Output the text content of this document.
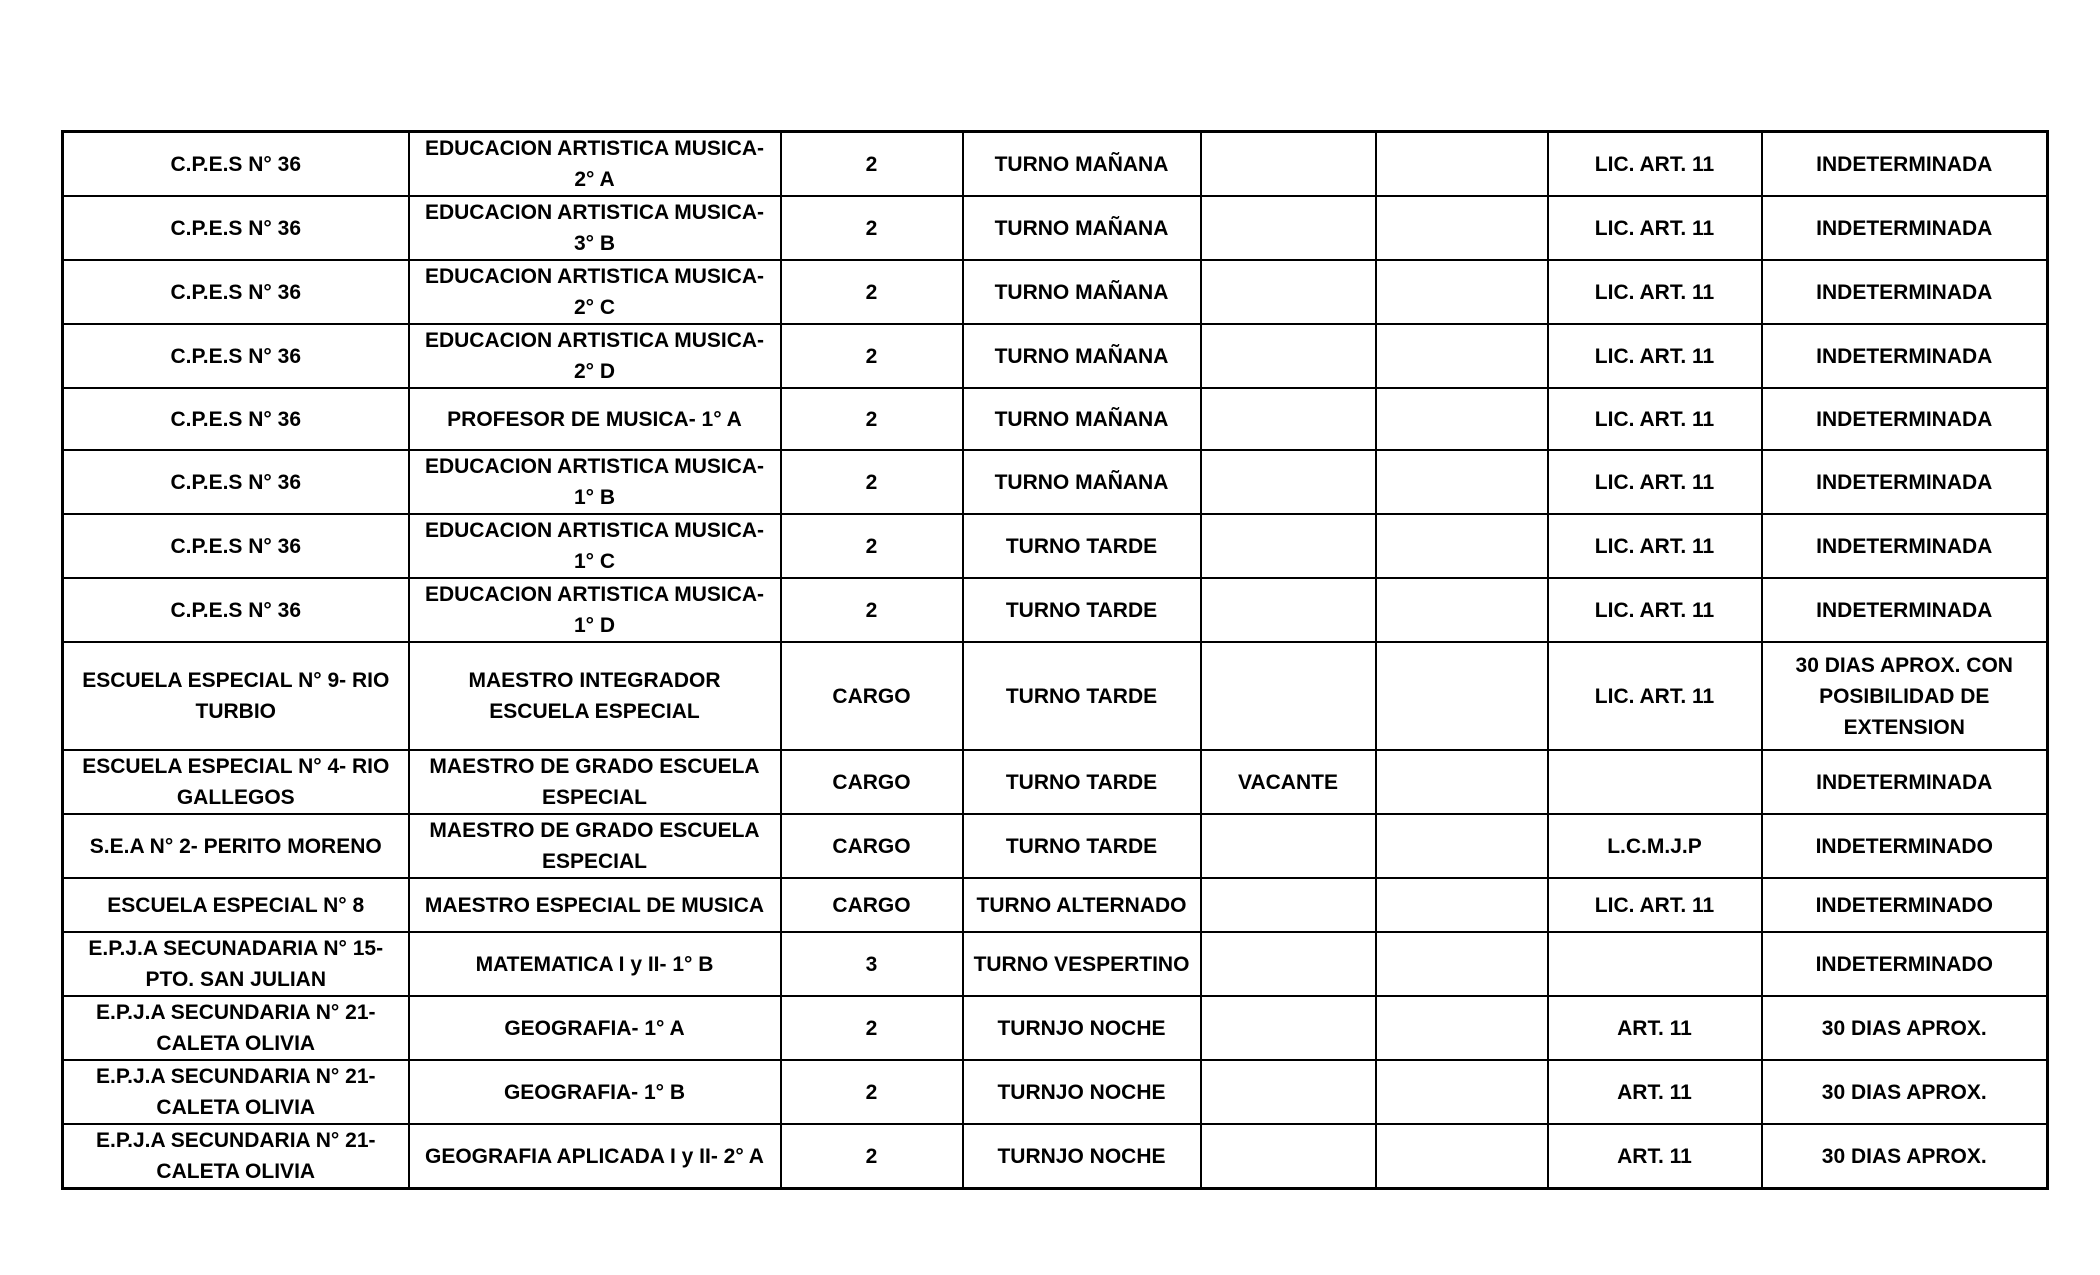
C.P.E.S N° 36	EDUCACION ARTISTICA MUSICA- 2° A	2	TURNO MAÑANA			LIC. ART. 11	INDETERMINADA
C.P.E.S N° 36	EDUCACION ARTISTICA MUSICA- 3° B	2	TURNO MAÑANA			LIC. ART. 11	INDETERMINADA
C.P.E.S N° 36	EDUCACION ARTISTICA MUSICA- 2° C	2	TURNO MAÑANA			LIC. ART. 11	INDETERMINADA
C.P.E.S N° 36	EDUCACION ARTISTICA MUSICA- 2° D	2	TURNO MAÑANA			LIC. ART. 11	INDETERMINADA
C.P.E.S N° 36	PROFESOR DE MUSICA- 1° A	2	TURNO MAÑANA			LIC. ART. 11	INDETERMINADA
C.P.E.S N° 36	EDUCACION ARTISTICA MUSICA- 1° B	2	TURNO MAÑANA			LIC. ART. 11	INDETERMINADA
C.P.E.S N° 36	EDUCACION ARTISTICA MUSICA- 1° C	2	TURNO TARDE			LIC. ART. 11	INDETERMINADA
C.P.E.S N° 36	EDUCACION ARTISTICA MUSICA- 1° D	2	TURNO TARDE			LIC. ART. 11	INDETERMINADA
ESCUELA ESPECIAL N° 9- RIO TURBIO	MAESTRO INTEGRADOR ESCUELA ESPECIAL	CARGO	TURNO TARDE			LIC. ART. 11	30 DIAS APROX. CON POSIBILIDAD DE EXTENSION
ESCUELA ESPECIAL N° 4- RIO GALLEGOS	MAESTRO DE GRADO ESCUELA ESPECIAL	CARGO	TURNO TARDE	VACANTE			INDETERMINADA
S.E.A N° 2- PERITO MORENO	MAESTRO DE GRADO ESCUELA ESPECIAL	CARGO	TURNO TARDE			L.C.M.J.P	INDETERMINADO
ESCUELA ESPECIAL N° 8	MAESTRO ESPECIAL DE MUSICA	CARGO	TURNO ALTERNADO			LIC. ART. 11	INDETERMINADO
E.P.J.A SECUNADARIA N° 15- PTO. SAN JULIAN	MATEMATICA I y II- 1° B	3	TURNO VESPERTINO				INDETERMINADO
E.P.J.A SECUNDARIA N° 21- CALETA OLIVIA	GEOGRAFIA- 1° A	2	TURNJO NOCHE			ART. 11	30 DIAS APROX.
E.P.J.A SECUNDARIA N° 21- CALETA OLIVIA	GEOGRAFIA- 1° B	2	TURNJO NOCHE			ART. 11	30 DIAS APROX.
E.P.J.A SECUNDARIA N° 21- CALETA OLIVIA	GEOGRAFIA APLICADA I y II- 2° A	2	TURNJO NOCHE			ART. 11	30 DIAS APROX.
